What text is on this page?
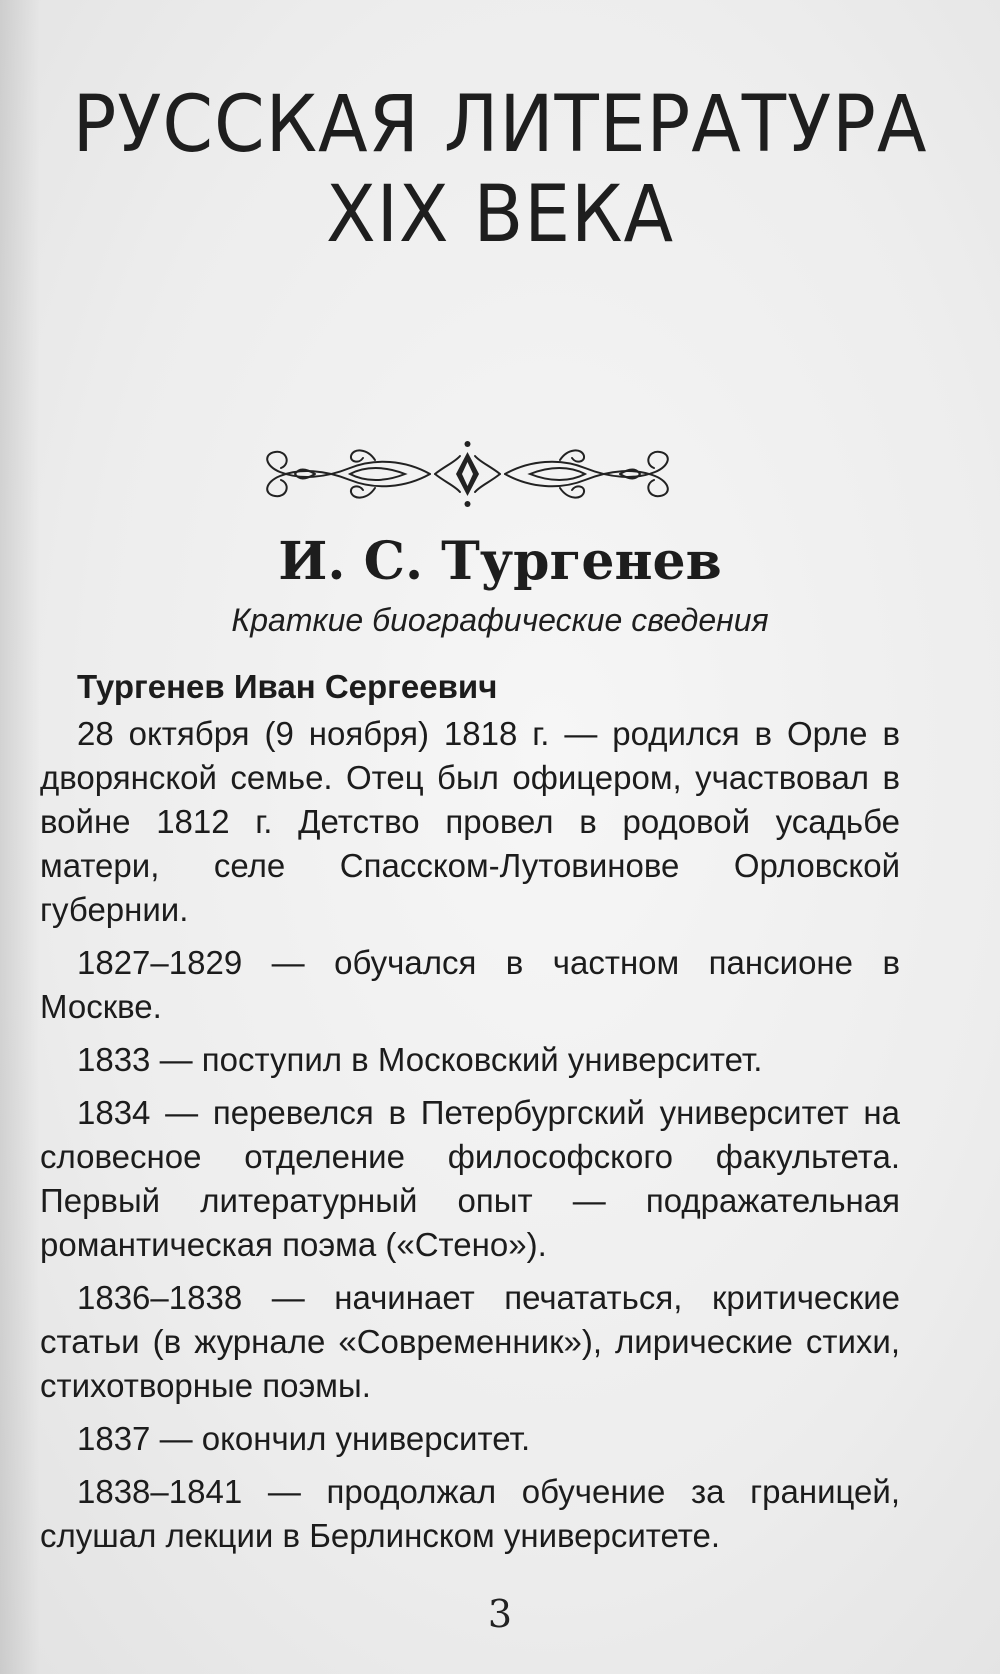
РУССКАЯ ЛИТЕРАТУРА
XIX ВЕКА
И. С. Тургенев
Краткие биографические сведения

Тургенев Иван Сергеевич

28 октября (9 ноября) 1818 г. — родился в Орле в дворянской семье. Отец был офицером, участвовал в войне 1812 г. Детство провел в родовой усадьбе матери, селе Спасском-Лутовинове Орловской губернии.

1827–1829 — обучался в частном пансионе в Москве.

1833 — поступил в Московский университет.

1834 — перевелся в Петербургский университет на словесное отделение философского факультета. Первый литературный опыт — подражательная романтическая поэма («Стено»).

1836–1838 — начинает печататься, критические статьи (в журнале «Современник»), лирические стихи, стихотворные поэмы.

1837 — окончил университет.

1838–1841 — продолжал обучение за границей, слушал лекции в Берлинском университете.

3
